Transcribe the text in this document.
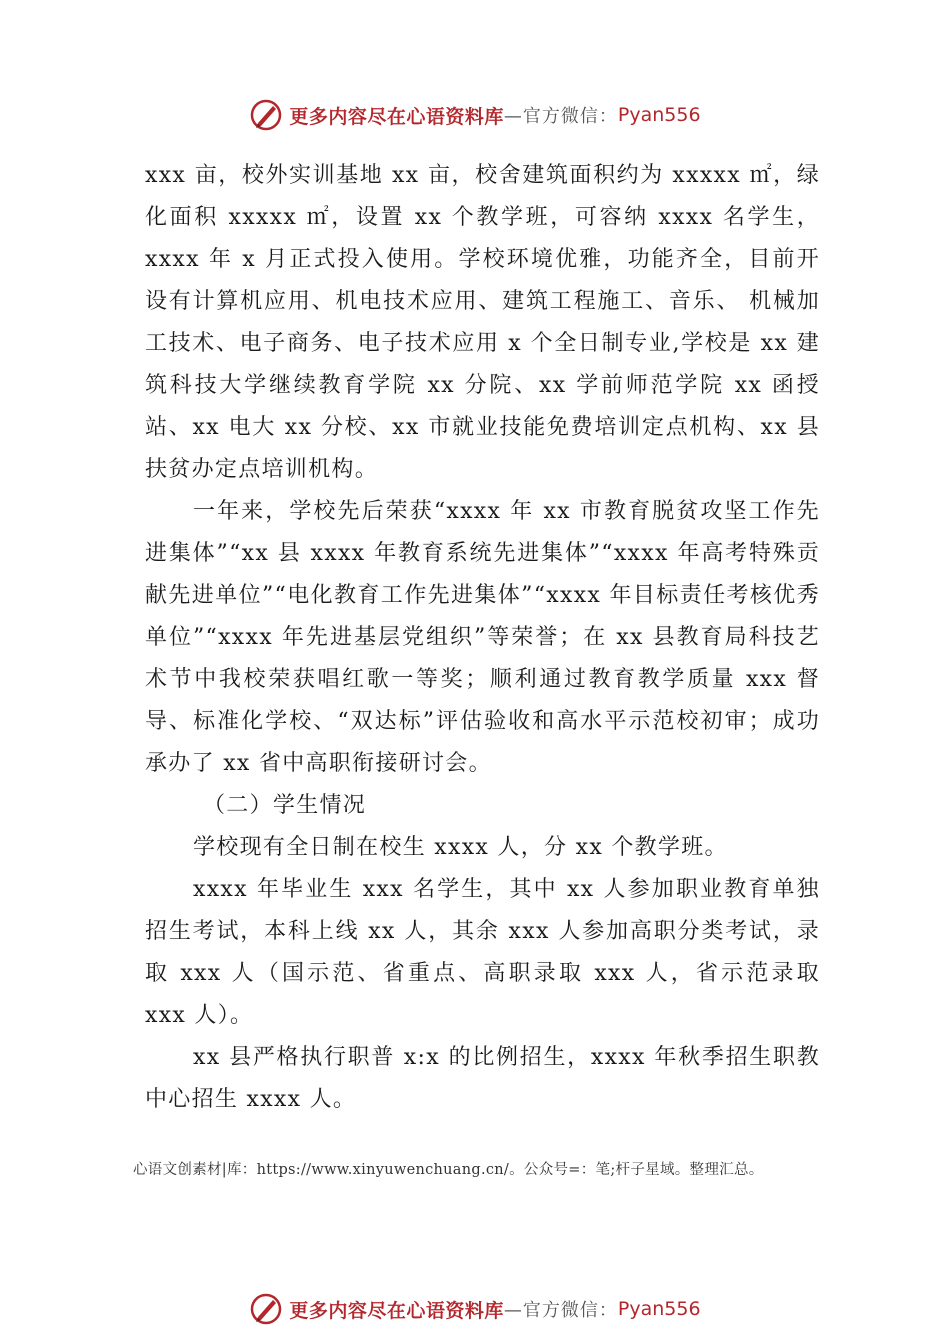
更多内容尽在心语资料库 —官方微信： Pyan556

xxx 亩，校外实训基地 xx 亩，校舍建筑面积约为 xxxxx ㎡，绿化面积 xxxxx ㎡，设置 xx 个教学班，可容纳 xxxx 名学生，xxxx 年 x 月正式投入使用。学校环境优雅，功能齐全，目前开设有计算机应用、机电技术应用、建筑工程施工、音乐、 机械加工技术、电子商务、电子技术应用 x 个全日制专业,学校是 xx 建筑科技大学继续教育学院 xx 分院、xx 学前师范学院 xx 函授站、xx 电大 xx 分校、xx 市就业技能免费培训定点机构、xx 县扶贫办定点培训机构。

一年来，学校先后荣获“xxxx 年 xx 市教育脱贫攻坚工作先进集体”“xx 县 xxxx 年教育系统先进集体”“xxxx 年高考特殊贡献先进单位”“电化教育工作先进集体”“xxxx 年目标责任考核优秀单位”“xxxx 年先进基层党组织”等荣誉；在 xx 县教育局科技艺术节中我校荣获唱红歌一等奖；顺利通过教育教学质量 xxx 督导、标准化学校、“双达标”评估验收和高水平示范校初审；成功承办了 xx 省中高职衔接研讨会。

（二）学生情况

学校现有全日制在校生 xxxx 人，分 xx 个教学班。

xxxx 年毕业生 xxx 名学生，其中 xx 人参加职业教育单独招生考试，本科上线 xx 人，其余 xxx 人参加高职分类考试，录取 xxx 人（国示范、省重点、高职录取 xxx 人，省示范录取 xxx 人）。

xx 县严格执行职普 x:x 的比例招生，xxxx 年秋季招生职教中心招生 xxxx 人。

心语文创素材|库：https://www.xinyuwenchuang.cn/。公众号=：笔;杆子星域。整理汇总。
更多内容尽在心语资料库 —官方微信： Pyan556
